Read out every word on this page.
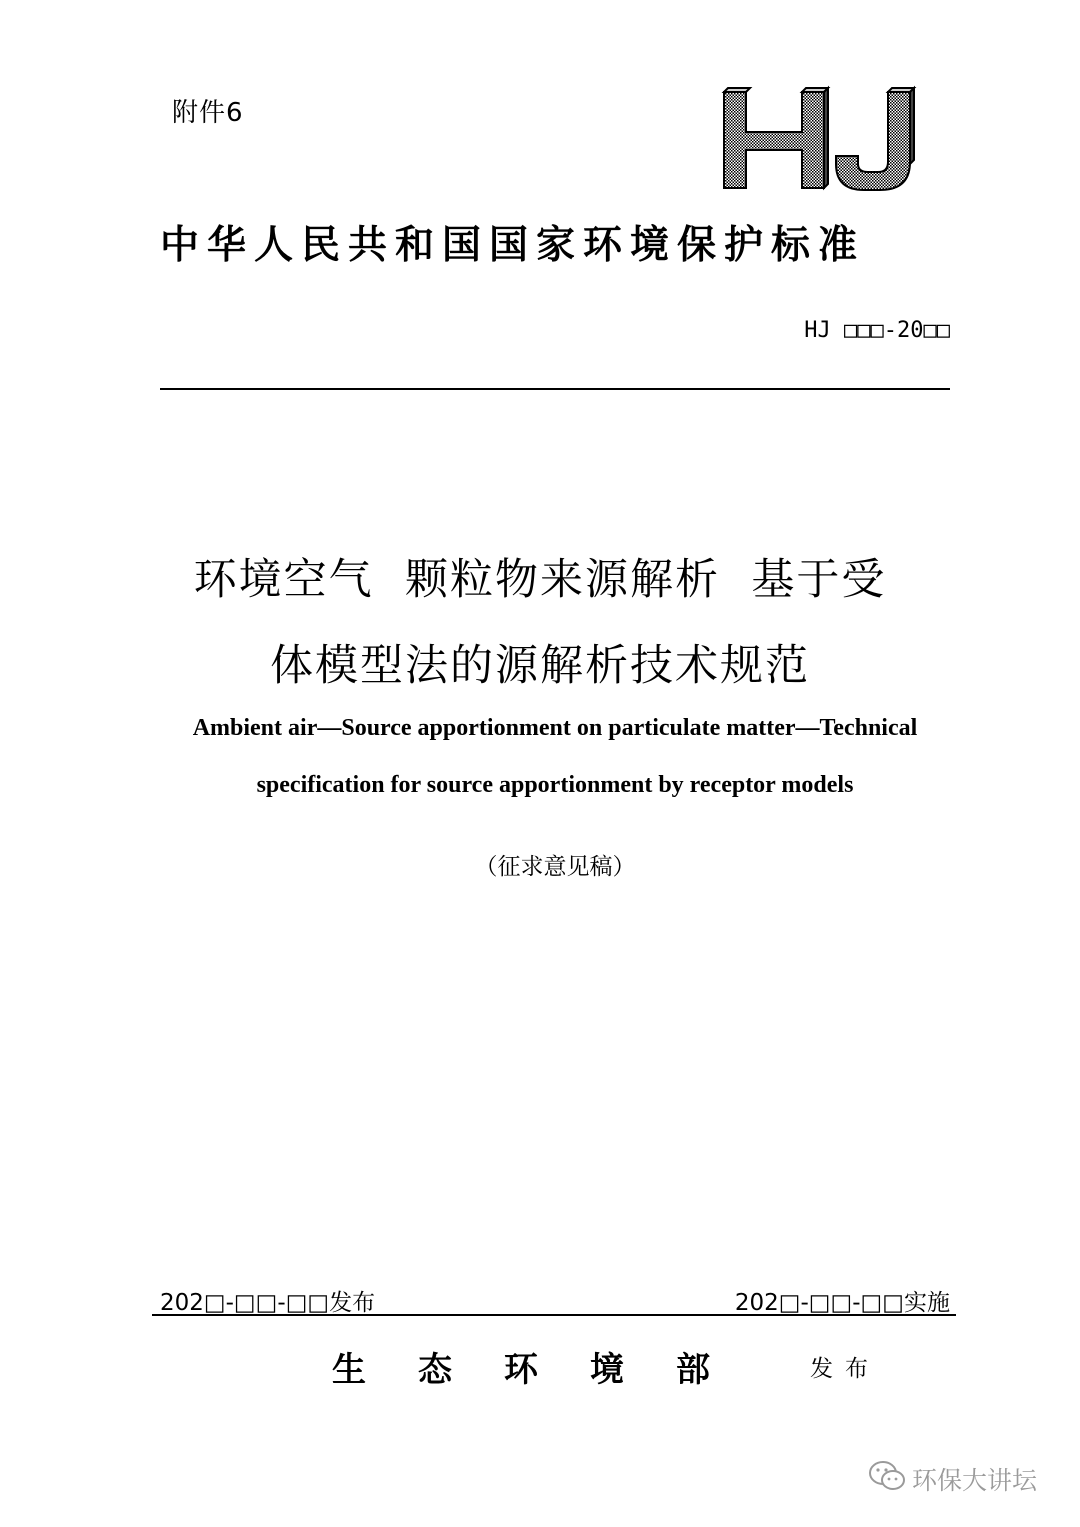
附件6
中华人民共和国国家环境保护标准
HJ □□□-20□□
环境空气  颗粒物来源解析  基于受
体模型法的源解析技术规范
Ambient air—Source apportionment on particulate matter—Technical
specification for source apportionment by receptor models
（征求意见稿）
202□-□□-□□发布	202□-□□-□□实施
生态环境部 发布
环保大讲坛
